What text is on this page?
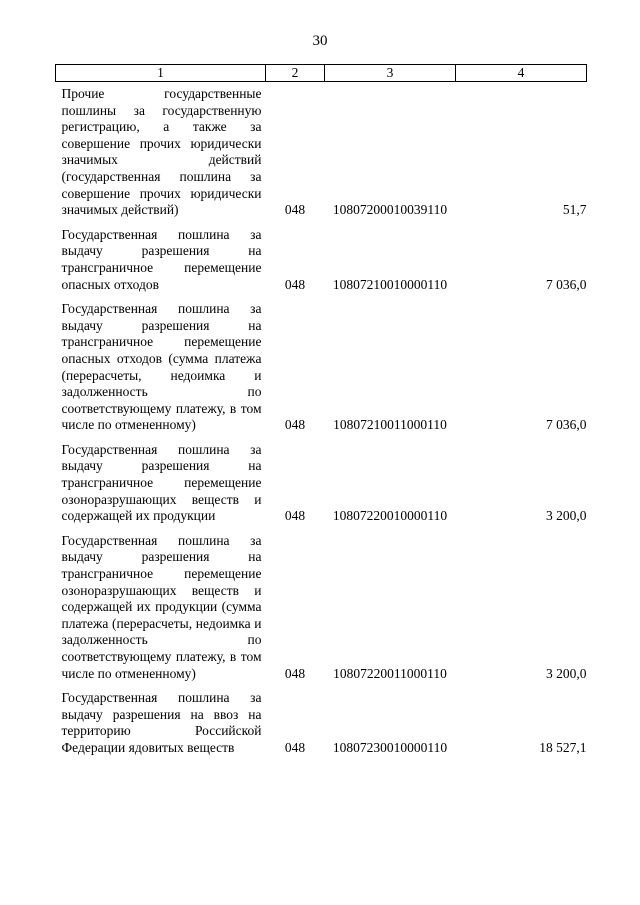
30
1	2	3	4
Прочие государственные пошлины за государственную регистрацию, а также за совершение прочих юридически значимых действий (государственная пошлина за совершение прочих юридически значимых действий)	048	10807200010039110	51,7

Государственная пошлина за выдачу разрешения на трансграничное перемещение опасных отходов	048	10807210010000110	7 036,0

Государственная пошлина за выдачу разрешения на трансграничное перемещение опасных отходов (сумма платежа (перерасчеты, недоимка и задолженность по соответствующему платежу, в том числе по отмененному)	048	10807210011000110	7 036,0

Государственная пошлина за выдачу разрешения на трансграничное перемещение озоноразрушающих веществ и содержащей их продукции	048	10807220010000110	3 200,0

Государственная пошлина за выдачу разрешения на трансграничное перемещение озоноразрушающих веществ и содержащей их продукции (сумма платежа (перерасчеты, недоимка и задолженность по соответствующему платежу, в том числе по отмененному)	048	10807220011000110	3 200,0

Государственная пошлина за выдачу разрешения на ввоз на территорию Российской Федерации ядовитых веществ	048	10807230010000110	18 527,1
